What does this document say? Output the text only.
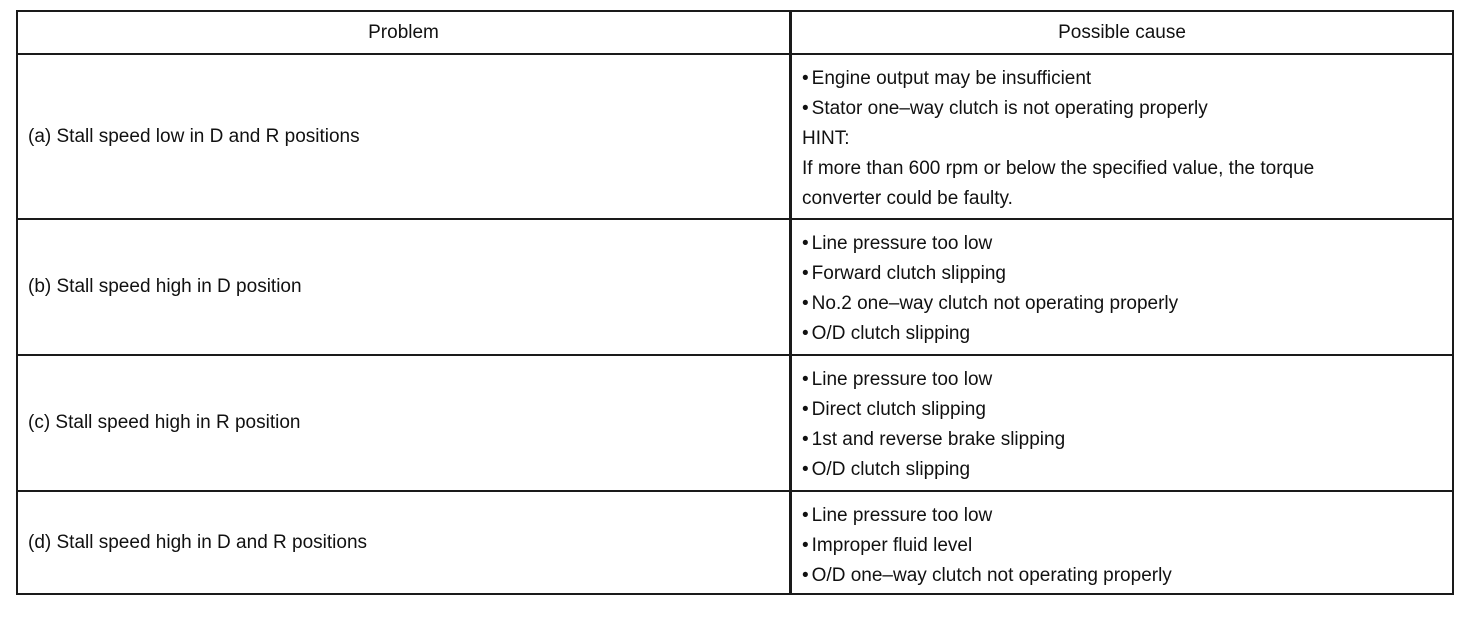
Problem	Possible cause
(a) Stall speed low in D and R positions
• Engine output may be insufficient
• Stator one–way clutch is not operating properly
HINT:
If more than 600 rpm or below the specified value, the torque
converter could be faulty.
(b) Stall speed high in D position
• Line pressure too low
• Forward clutch slipping
• No.2 one–way clutch not operating properly
• O/D clutch slipping
(c) Stall speed high in R position
• Line pressure too low
• Direct clutch slipping
• 1st and reverse brake slipping
• O/D clutch slipping
(d) Stall speed high in D and R positions
• Line pressure too low
• Improper fluid level
• O/D one–way clutch not operating properly
